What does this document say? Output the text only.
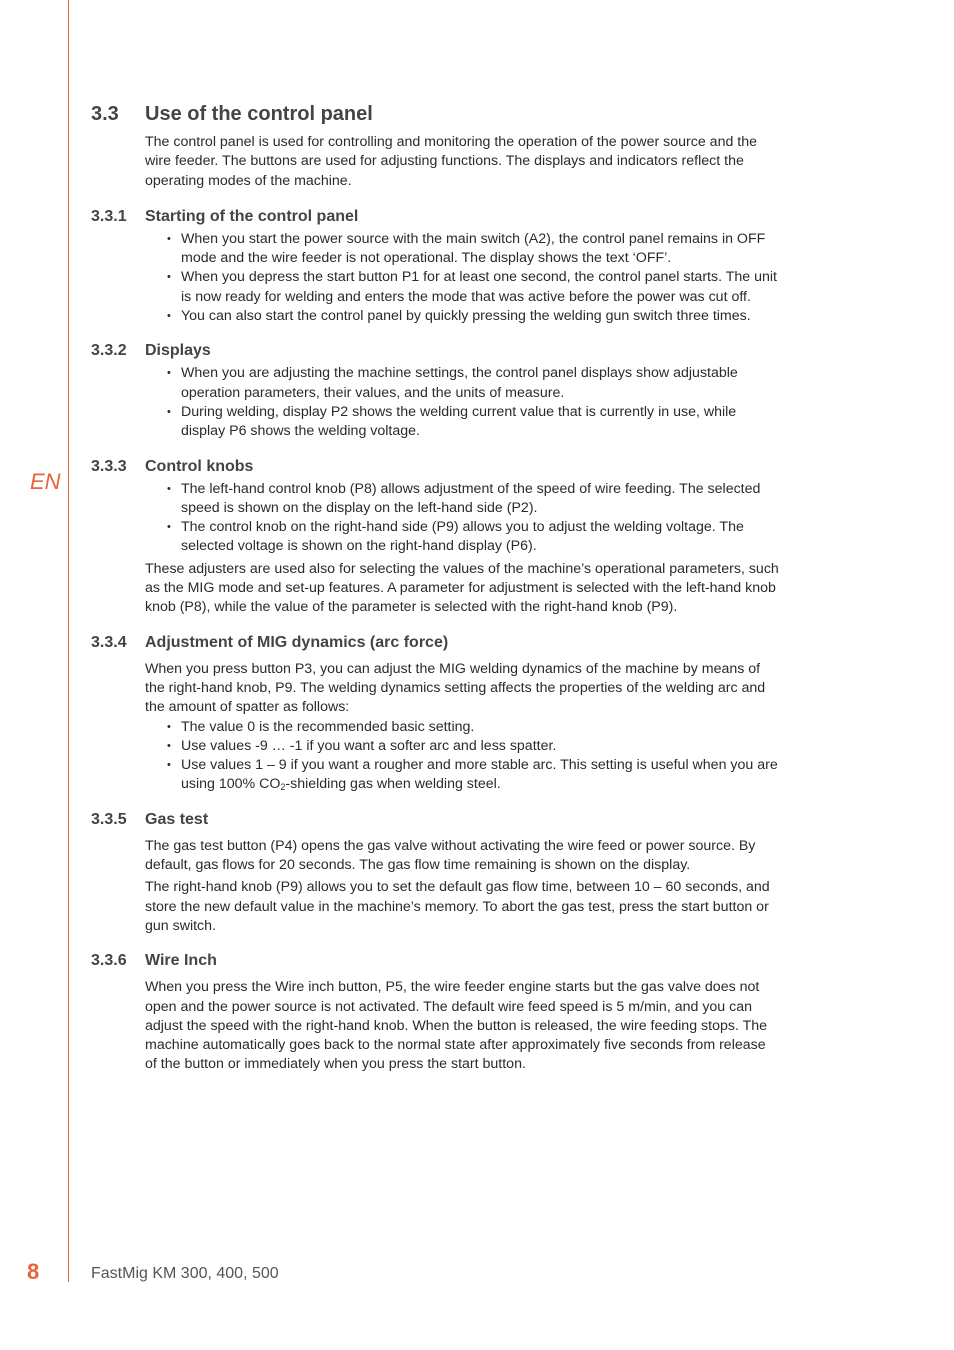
EN
3.3 Use of the control panel

The control panel is used for controlling and monitoring the operation of the power source and the wire feeder. The buttons are used for adjusting functions. The displays and indicators reflect the operating modes of the machine.

3.3.1 Starting of the control panel
• When you start the power source with the main switch (A2), the control panel remains in OFF mode and the wire feeder is not operational. The display shows the text ‘OFF’.
• When you depress the start button P1 for at least one second, the control panel starts. The unit is now ready for welding and enters the mode that was active before the power was cut off.
• You can also start the control panel by quickly pressing the welding gun switch three times.
3.3.2 Displays
• When you are adjusting the machine settings, the control panel displays show adjustable operation parameters, their values, and the units of measure.
• During welding, display P2 shows the welding current value that is currently in use, while display P6 shows the welding voltage.
3.3.3 Control knobs
• The left-hand control knob (P8) allows adjustment of the speed of wire feeding. The selected speed is shown on the display on the left-hand side (P2).
• The control knob on the right-hand side (P9) allows you to adjust the welding voltage. The selected voltage is shown on the right-hand display (P6).

These adjusters are used also for selecting the values of the machine’s operational parameters, such as the MIG mode and set-up features. A parameter for adjustment is selected with the left-hand knob knob (P8), while the value of the parameter is selected with the right-hand knob (P9).

3.3.4 Adjustment of MIG dynamics (arc force)

When you press button P3, you can adjust the MIG welding dynamics of the machine by means of the right-hand knob, P9. The welding dynamics setting affects the properties of the welding arc and the amount of spatter as follows:

• The value 0 is the recommended basic setting.
• Use values -9 … -1 if you want a softer arc and less spatter.
• Use values 1 – 9 if you want a rougher and more stable arc. This setting is useful when you are using 100% $CO_2$-shielding gas when welding steel.
3.3.5 Gas test

The gas test button (P4) opens the gas valve without activating the wire feed or power source. By default, gas flows for 20 seconds. The gas flow time remaining is shown on the display.

The right-hand knob (P9) allows you to set the default gas flow time, between 10 – 60 seconds, and store the new default value in the machine’s memory. To abort the gas test, press the start button or gun switch.

3.3.6 Wire Inch

When you press the Wire inch button, P5, the wire feeder engine starts but the gas valve does not open and the power source is not activated. The default wire feed speed is 5 m/min, and you can adjust the speed with the right-hand knob. When the button is released, the wire feeding stops. The machine automatically goes back to the normal state after approximately five seconds from release of the button or immediately when you press the start button.

8	FastMig KM 300, 400, 500
